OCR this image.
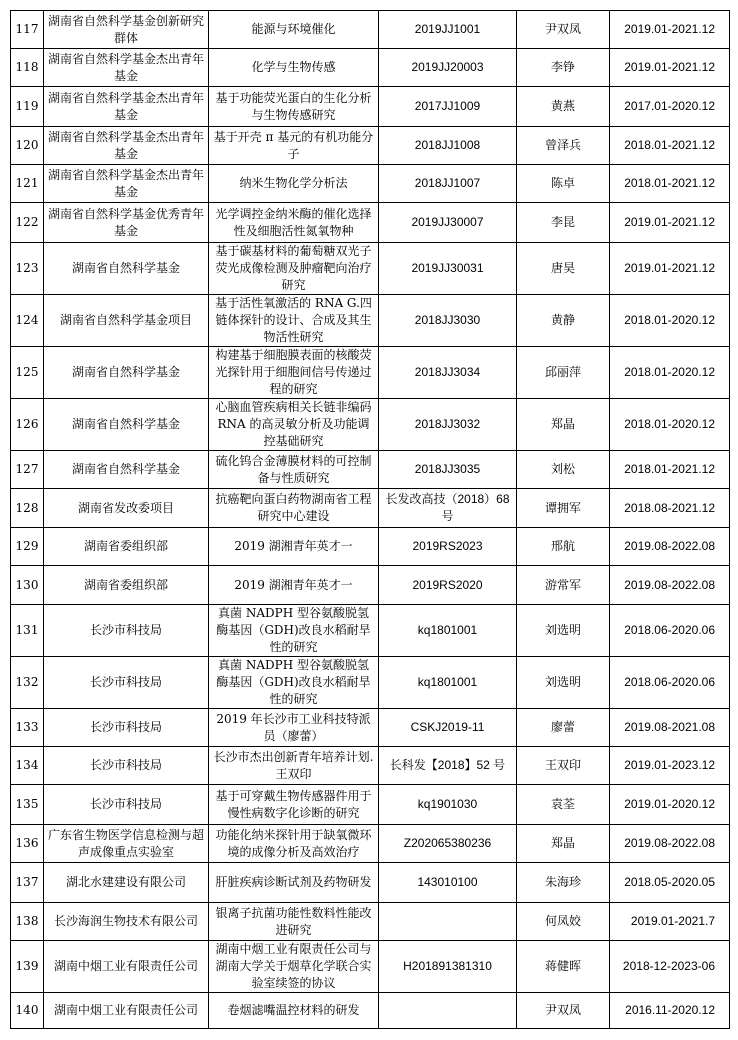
117	湖南省自然科学基金创新研究群体	能源与环境催化	2019JJ1001	尹双凤	2019.01-2021.12
118	湖南省自然科学基金杰出青年基金	化学与生物传感	2019JJ20003	李铮	2019.01-2021.12
119	湖南省自然科学基金杰出青年基金	基于功能荧光蛋白的生化分析与生物传感研究	2017JJ1009	黄燕	2017.01-2020.12
120	湖南省自然科学基金杰出青年基金	基于开壳 π 基元的有机功能分子	2018JJ1008	曾泽兵	2018.01-2021.12
121	湖南省自然科学基金杰出青年基金	纳米生物化学分析法	2018JJ1007	陈卓	2018.01-2021.12
122	湖南省自然科学基金优秀青年基金	光学调控金纳米酶的催化选择性及细胞活性氮氧物种	2019JJ30007	李昆	2019.01-2021.12
123	湖南省自然科学基金	基于碳基材料的葡萄糖双光子荧光成像检测及肿瘤靶向治疗研究	2019JJ30031	唐昊	2019.01-2021.12
124	湖南省自然科学基金项目	基于活性氧激活的 RNA G.四链体探针的设计、合成及其生物活性研究	2018JJ3030	黄静	2018.01-2020.12
125	湖南省自然科学基金	构建基于细胞膜表面的核酸荧光探针用于细胞间信号传递过程的研究	2018JJ3034	邱丽萍	2018.01-2020.12
126	湖南省自然科学基金	心脑血管疾病相关长链非编码 RNA 的高灵敏分析及功能调控基础研究	2018JJ3032	郑晶	2018.01-2020.12
127	湖南省自然科学基金	硫化钨合金薄膜材料的可控制备与性质研究	2018JJ3035	刘松	2018.01-2021.12
128	湖南省发改委项目	抗癌靶向蛋白药物湖南省工程研究中心建设	长发改高技（2018）68 号	谭拥军	2018.08-2021.12
129	湖南省委组织部	2019 湖湘青年英才一	2019RS2023	邢航	2019.08-2022.08
130	湖南省委组织部	2019 湖湘青年英才一	2019RS2020	游常军	2019.08-2022.08
131	长沙市科技局	真菌 NADPH 型谷氨酸脱氢酶基因（GDH)改良水稻耐旱性的研究	kq1801001	刘选明	2018.06-2020.06
132	长沙市科技局	真菌 NADPH 型谷氨酸脱氢酶基因（GDH)改良水稻耐旱性的研究	kq1801001	刘选明	2018.06-2020.06
133	长沙市科技局	2019 年长沙市工业科技特派员（廖蕾）	CSKJ2019-11	廖蕾	2019.08-2021.08
134	长沙市科技局	长沙市杰出创新青年培养计划.王双印	长科发【2018】52 号	王双印	2019.01-2023.12
135	长沙市科技局	基于可穿戴生物传感器件用于慢性病数字化诊断的研究	kq1901030	袁荃	2019.01-2020.12
136	广东省生物医学信息检测与超声成像重点实验室	功能化纳米探针用于缺氧微环境的成像分析及高效治疗	Z202065380236	郑晶	2019.08-2022.08
137	湖北水建建设有限公司	肝脏疾病诊断试剂及药物研发	143010100	朱海珍	2018.05-2020.05
138	长沙海润生物技术有限公司	银离子抗菌功能性数料性能改进研究		何凤姣	2019.01-2021.7
139	湖南中烟工业有限责任公司	湖南中烟工业有限责任公司与湖南大学关于烟草化学联合实验室续签的协议	H201891381310	蒋健晖	2018-12-2023-06
140	湖南中烟工业有限责任公司	卷烟滤嘴温控材料的研发		尹双凤	2016.11-2020.12
